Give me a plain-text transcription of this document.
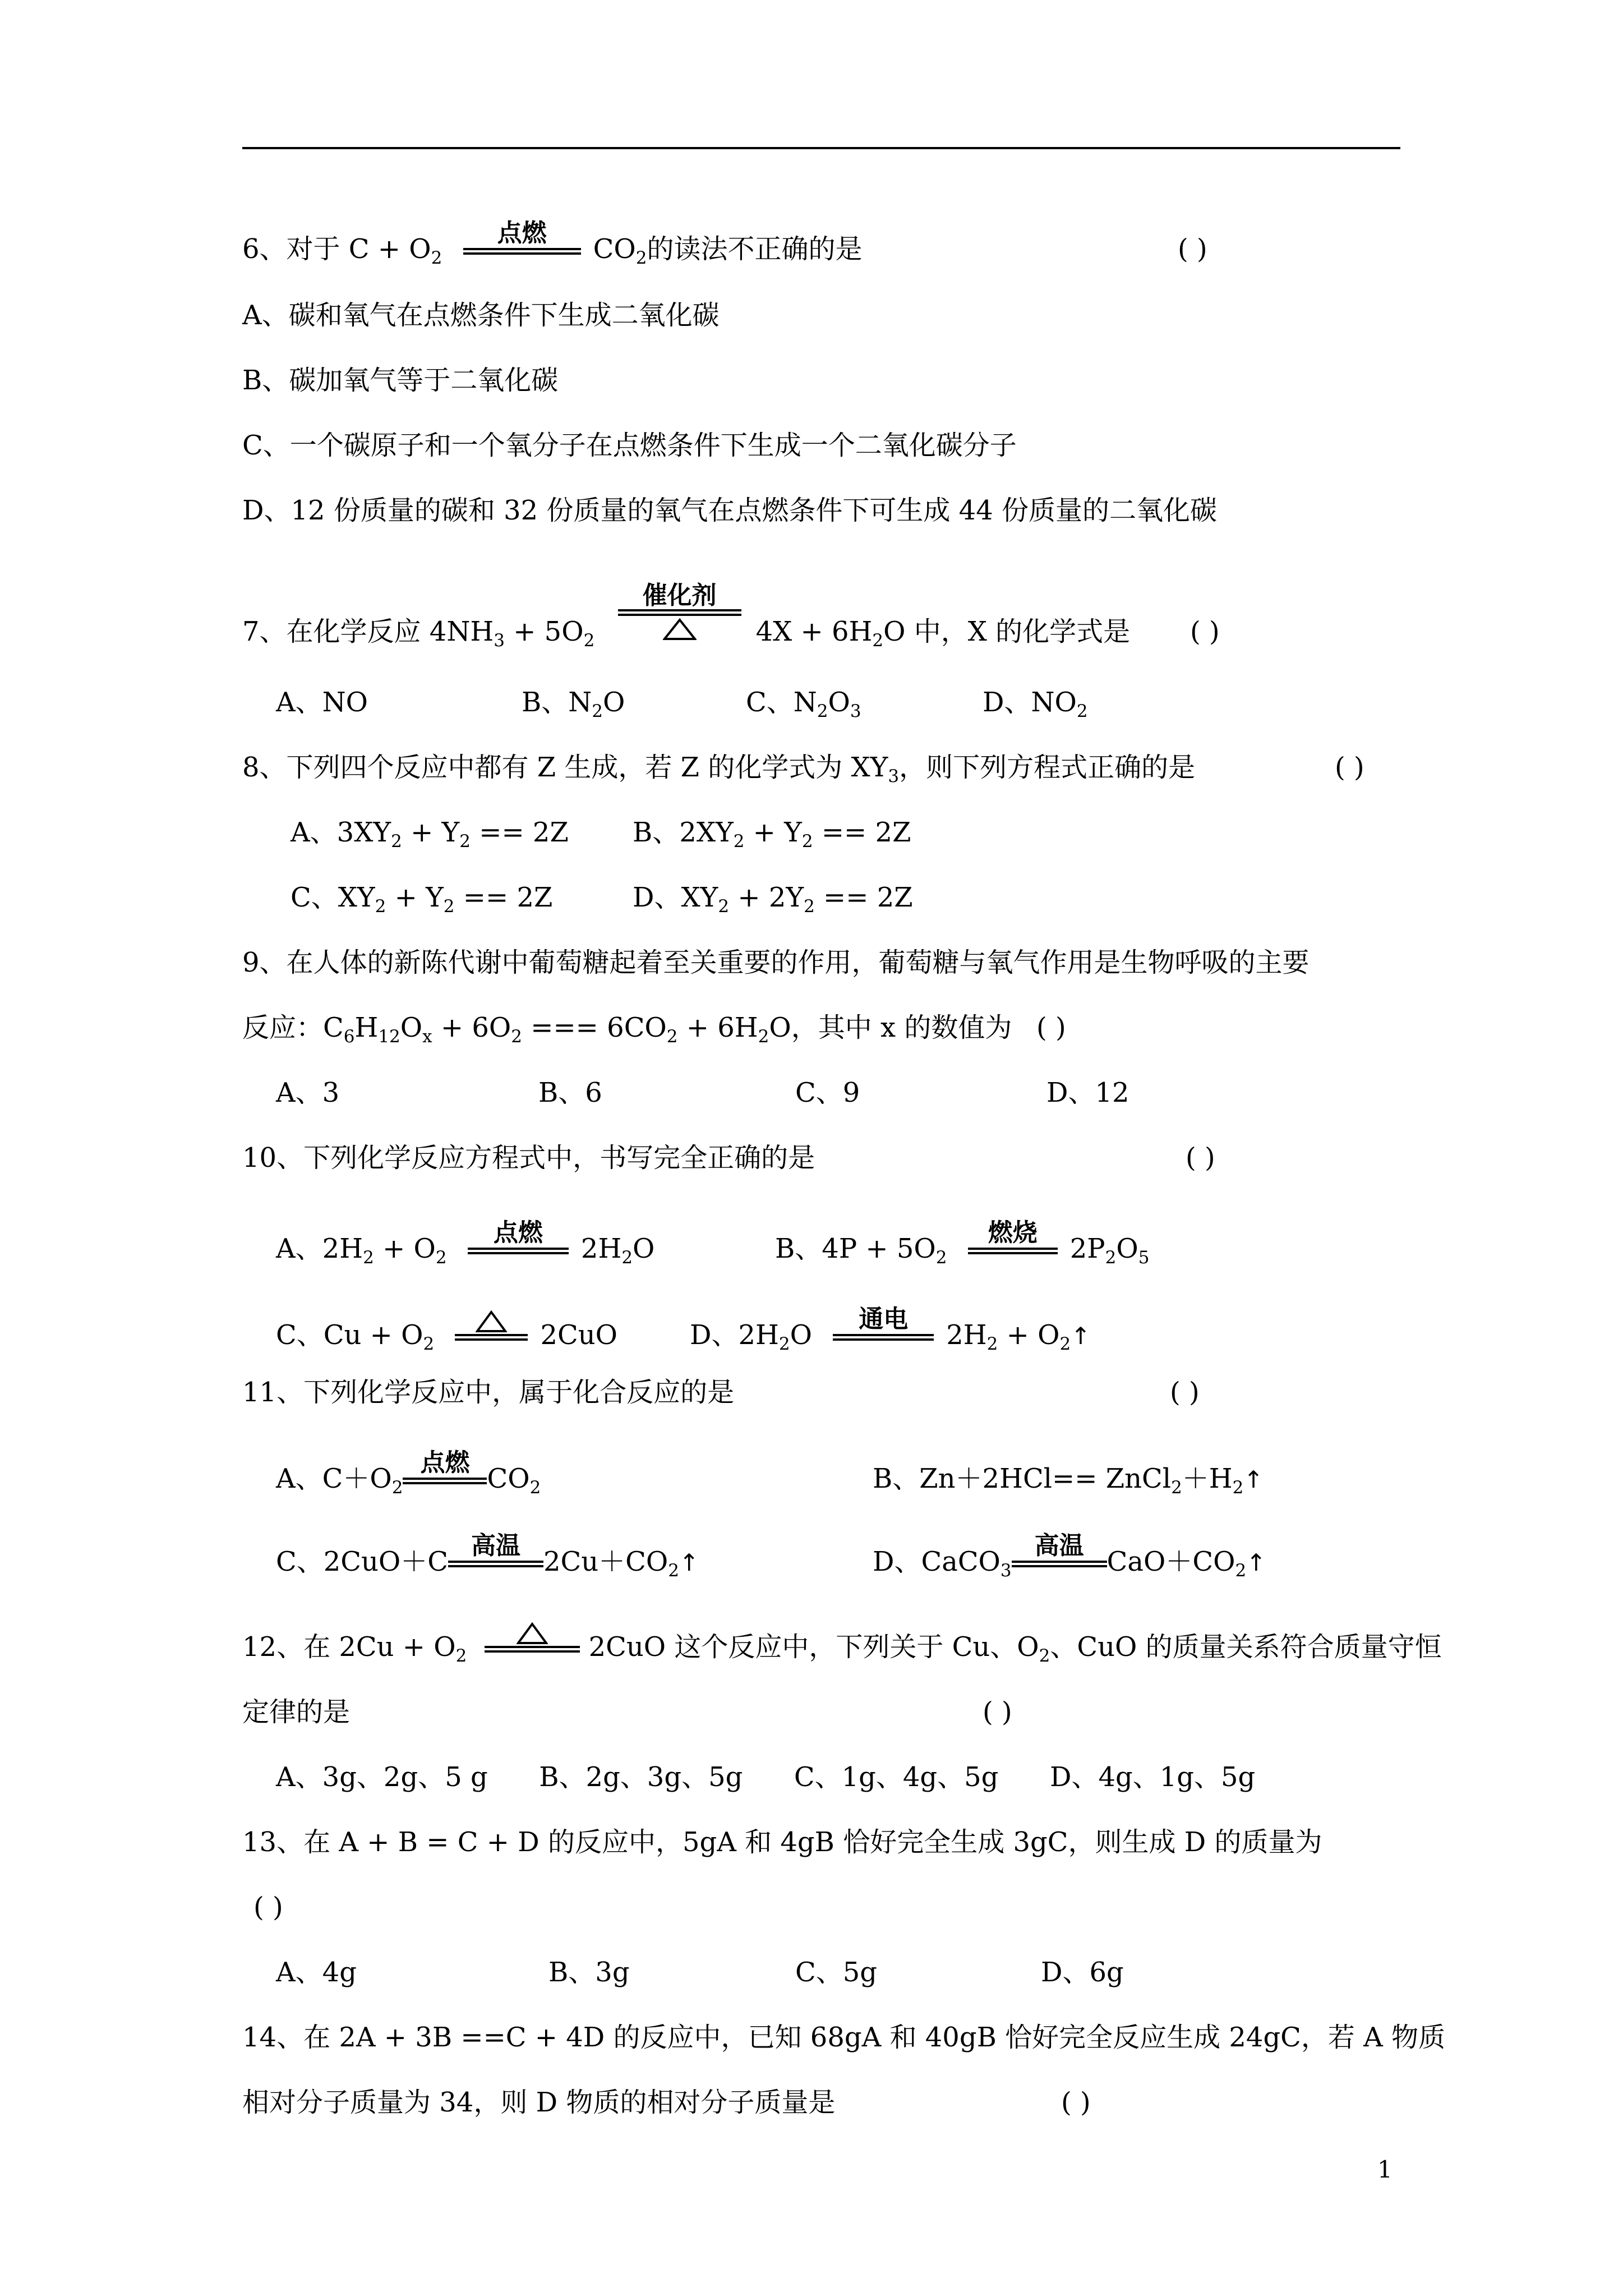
6、对于 $C + O_2$
点燃
$CO_2$的读法不正确的是	( )
A、碳和氧气在点燃条件下生成二氧化碳
B、碳加氧气等于二氧化碳
C、一个碳原子和一个氧分子在点燃条件下生成一个二氧化碳分子
D、12 份质量的碳和 32 份质量的氧气在点燃条件下可生成 44 份质量的二氧化碳
7、在化学反应 $4NH_3 + 5O_2$
催化剂
$4X + 6H_2O$ 中，X 的化学式是 ( )
A、NO	B、$N_2O$	C、$N_2O_3$	D、$NO_2$
8、下列四个反应中都有 Z 生成，若 Z 的化学式为 $XY_3$，则下列方程式正确的是	( )
A、$3XY_2 + Y_2 == 2Z$ B、$2XY_2 + Y_2 == 2Z$
C、$XY_2 + Y_2 == 2Z$	D、$XY_2 + 2Y_2 == 2Z$
9、在人体的新陈代谢中葡萄糖起着至关重要的作用，葡萄糖与氧气作用是生物呼吸的主要
反应：$C_6H_{12}O_x + 6O_2$ === $6CO_2 + 6H_2O$，其中 x 的数值为 ( )
A、3	B、6	C、9	D、12
10、下列化学反应方程式中，书写完全正确的是	( )
A、$2H_2 + O_2$
点燃
$2H_2O$	B、$4P + 5O_2$
燃烧
$2P_2O_5$
C、$Cu + O_2$	2CuO	D、$2H_2O$
通电
$2H_2$ + $O_2↑$
11、下列化学反应中，属于化合反应的是	( )
A、$C+O_2$
点燃
$CO_2$	B、$Zn+2HCl== ZnCl_2+H_2↑$
C、2CuO＋C
高温
$2Cu+CO_2↑$	D、CaCO$_3$
高温
$CaO+CO_2↑$
12、在 $2Cu + O_2$	2CuO 这个反应中，下列关于 Cu、$O_2$、CuO 的质量关系符合质量守恒
定律的是	( )
A、3g、2g、5 g      B、2g、3g、5g      C、1g、4g、5g      D、4g、1g、5g
13、在 A + B = C + D 的反应中，5gA 和 4gB 恰好完全生成 3gC，则生成 D 的质量为
( )
A、4g	B、3g	C、5g	D、6g
14、在 2A + 3B ==C + 4D 的反应中，已知 68gA 和 40gB 恰好完全反应生成 24gC，若 A 物质
相对分子质量为 34，则 D 物质的相对分子质量是	( )
1
